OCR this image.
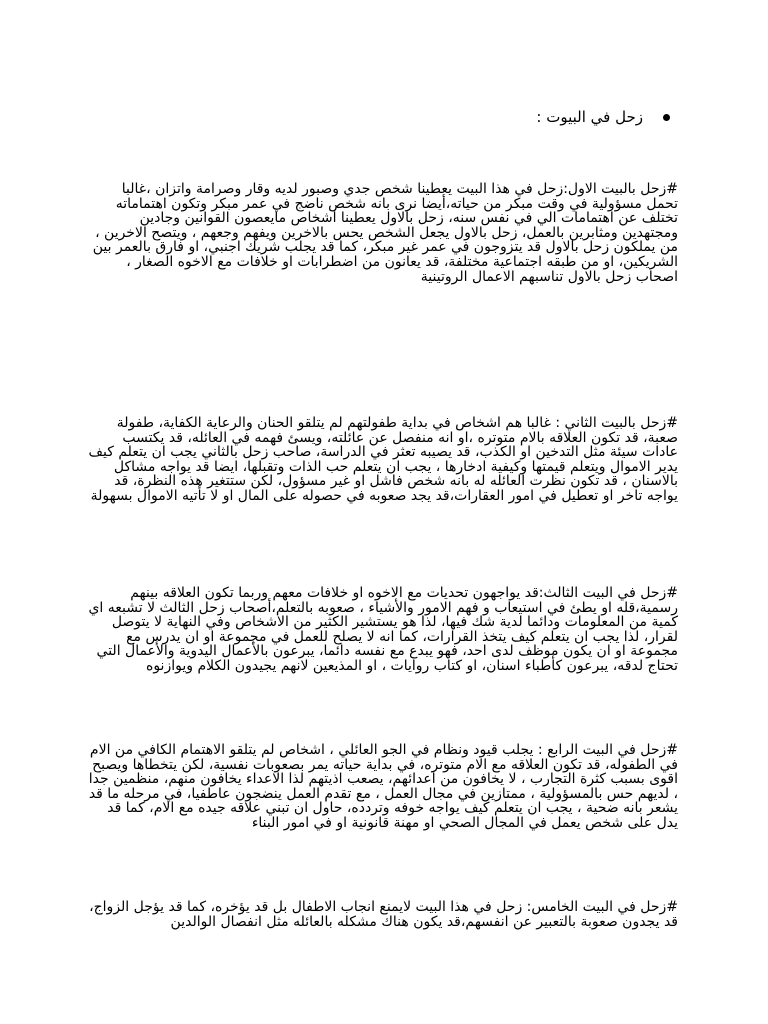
زحل في البيوت :

#زحل بالبيت الاول:زحل في هذا البيت يعطينا شخص جدي وصبور لديه وقار وصرامة واتزان ،غالبا تحمل مسؤولية في وقت مبكر من حياته،أيضا نرى بانه شخص ناضج في عمر مبكر وتكون اهتماماته تختلف عن اهتمامات الي في نفس سنه، زحل بالاول يعطينا اشخاص مايعصون القوانين وجادين ومجتهدين ومثابرين بالعمل، زحل بالاول يجعل الشخص يحس بالاخرين ويفهم وجعهم ، ويتصح الاخرين ، من يملكون زحل بالاول قد يتزوجون في عمر غير مبكر، كما قد يجلب شريك اجنبي، او فارق بالعمر بين الشريكين، او من طبقه اجتماعية مختلفة، قد يعانون من اضطرابات او خلافات مع الاخوه الصغار ، اصحاب زحل بالاول تناسبهم الاعمال الروتينية

#زحل بالبيت الثاني : غالبا هم اشخاص في بداية طفولتهم لم يتلقو الحنان والرعاية الكفاية، طفولة صعبة، قد تكون العلاقه بالام متوتره ،او انه منفصل عن عائلته، ويسئ فهمه في العائله، قد يكتسب عادات سيئة مثل التدخين او الكذب، قد يصيبه تعثر في الدراسة، صاحب زحل بالثاني يجب ان يتعلم كيف يدير الاموال ويتعلم قيمتها وكيفية ادخارها ، يجب ان يتعلم حب الذات وتقبلها، ايضا قد يواجه مشاكل بالاسنان ، قد تكون نظرت العائله له بانه شخص فاشل او غير مسؤول، لكن ستتغير هذه النظرة، قد يواجه تاخر او تعطيل في امور العقارات،قد يجد صعوبه في حصوله على المال او لا تأتيه الاموال بسهولة

#زحل في البيت الثالث:قد يواجهون تحديات مع الاخوه او خلافات معهم وربما تكون العلاقه بينهم رسمية،قله او يطئ في استيعاب و فهم الامور والأشياء ، صعوبه بالتعلم،أصحاب زحل الثالث لا تشبعه اي كمية من المعلومات ودائما لدية شك فيها، لذا هو يستشير الكثير من الاشخاص وفي النهاية لا يتوصل لقرار، لذا يجب ان يتعلم كيف يتخذ القرارات، كما انه لا يصلح للعمل في مجموعة او ان يدرس مع مجموعة او ان يكون موظف لدى احد، فهو يبدع مع نفسه دائما، يبرعون بالأعمال اليدوية والأعمال التي تحتاج لدقه، يبرعون كأطباء اسنان، او كتاب روايات ، او المذيعين لانهم يجيدون الكلام ويوازنوه

#زحل في البيت الرابع : يجلب قيود ونظام في الجو العائلي ، اشخاص لم يتلقو الاهتمام الكافي من الام في الطفوله، قد تكون العلاقه مع الام متوتره، في بداية حياته يمر بصعوبات نفسية، لكن يتخطاها ويصبح اقوى بسبب كثرة التجارب ، لا يخافون من اعدائهم، يصعب اذيتهم لذا الاعداء يخافون منهم، منظمين جدا ، لديهم حس بالمسؤولية ، ممتازين في مجال العمل ، مع تقدم العمل ينضجون عاطفيا، في مرحله ما قد يشعر بانه ضحية ، يجب ان يتعلم كيف يواجه خوفه وتردده، حاول ان تبني علاقه جيده مع الام، كما قد يدل على شخص يعمل في المجال الصحي او مهنة قانونية او في امور البناء

#زحل في البيت الخامس: زحل في هذا البيت لايمنع انجاب الاطفال بل قد يؤخره، كما قد يؤجل الزواج، قد يجدون صعوبة بالتعبير عن انفسهم،قد يكون هناك مشكله بالعائله مثل انفصال الوالدين
